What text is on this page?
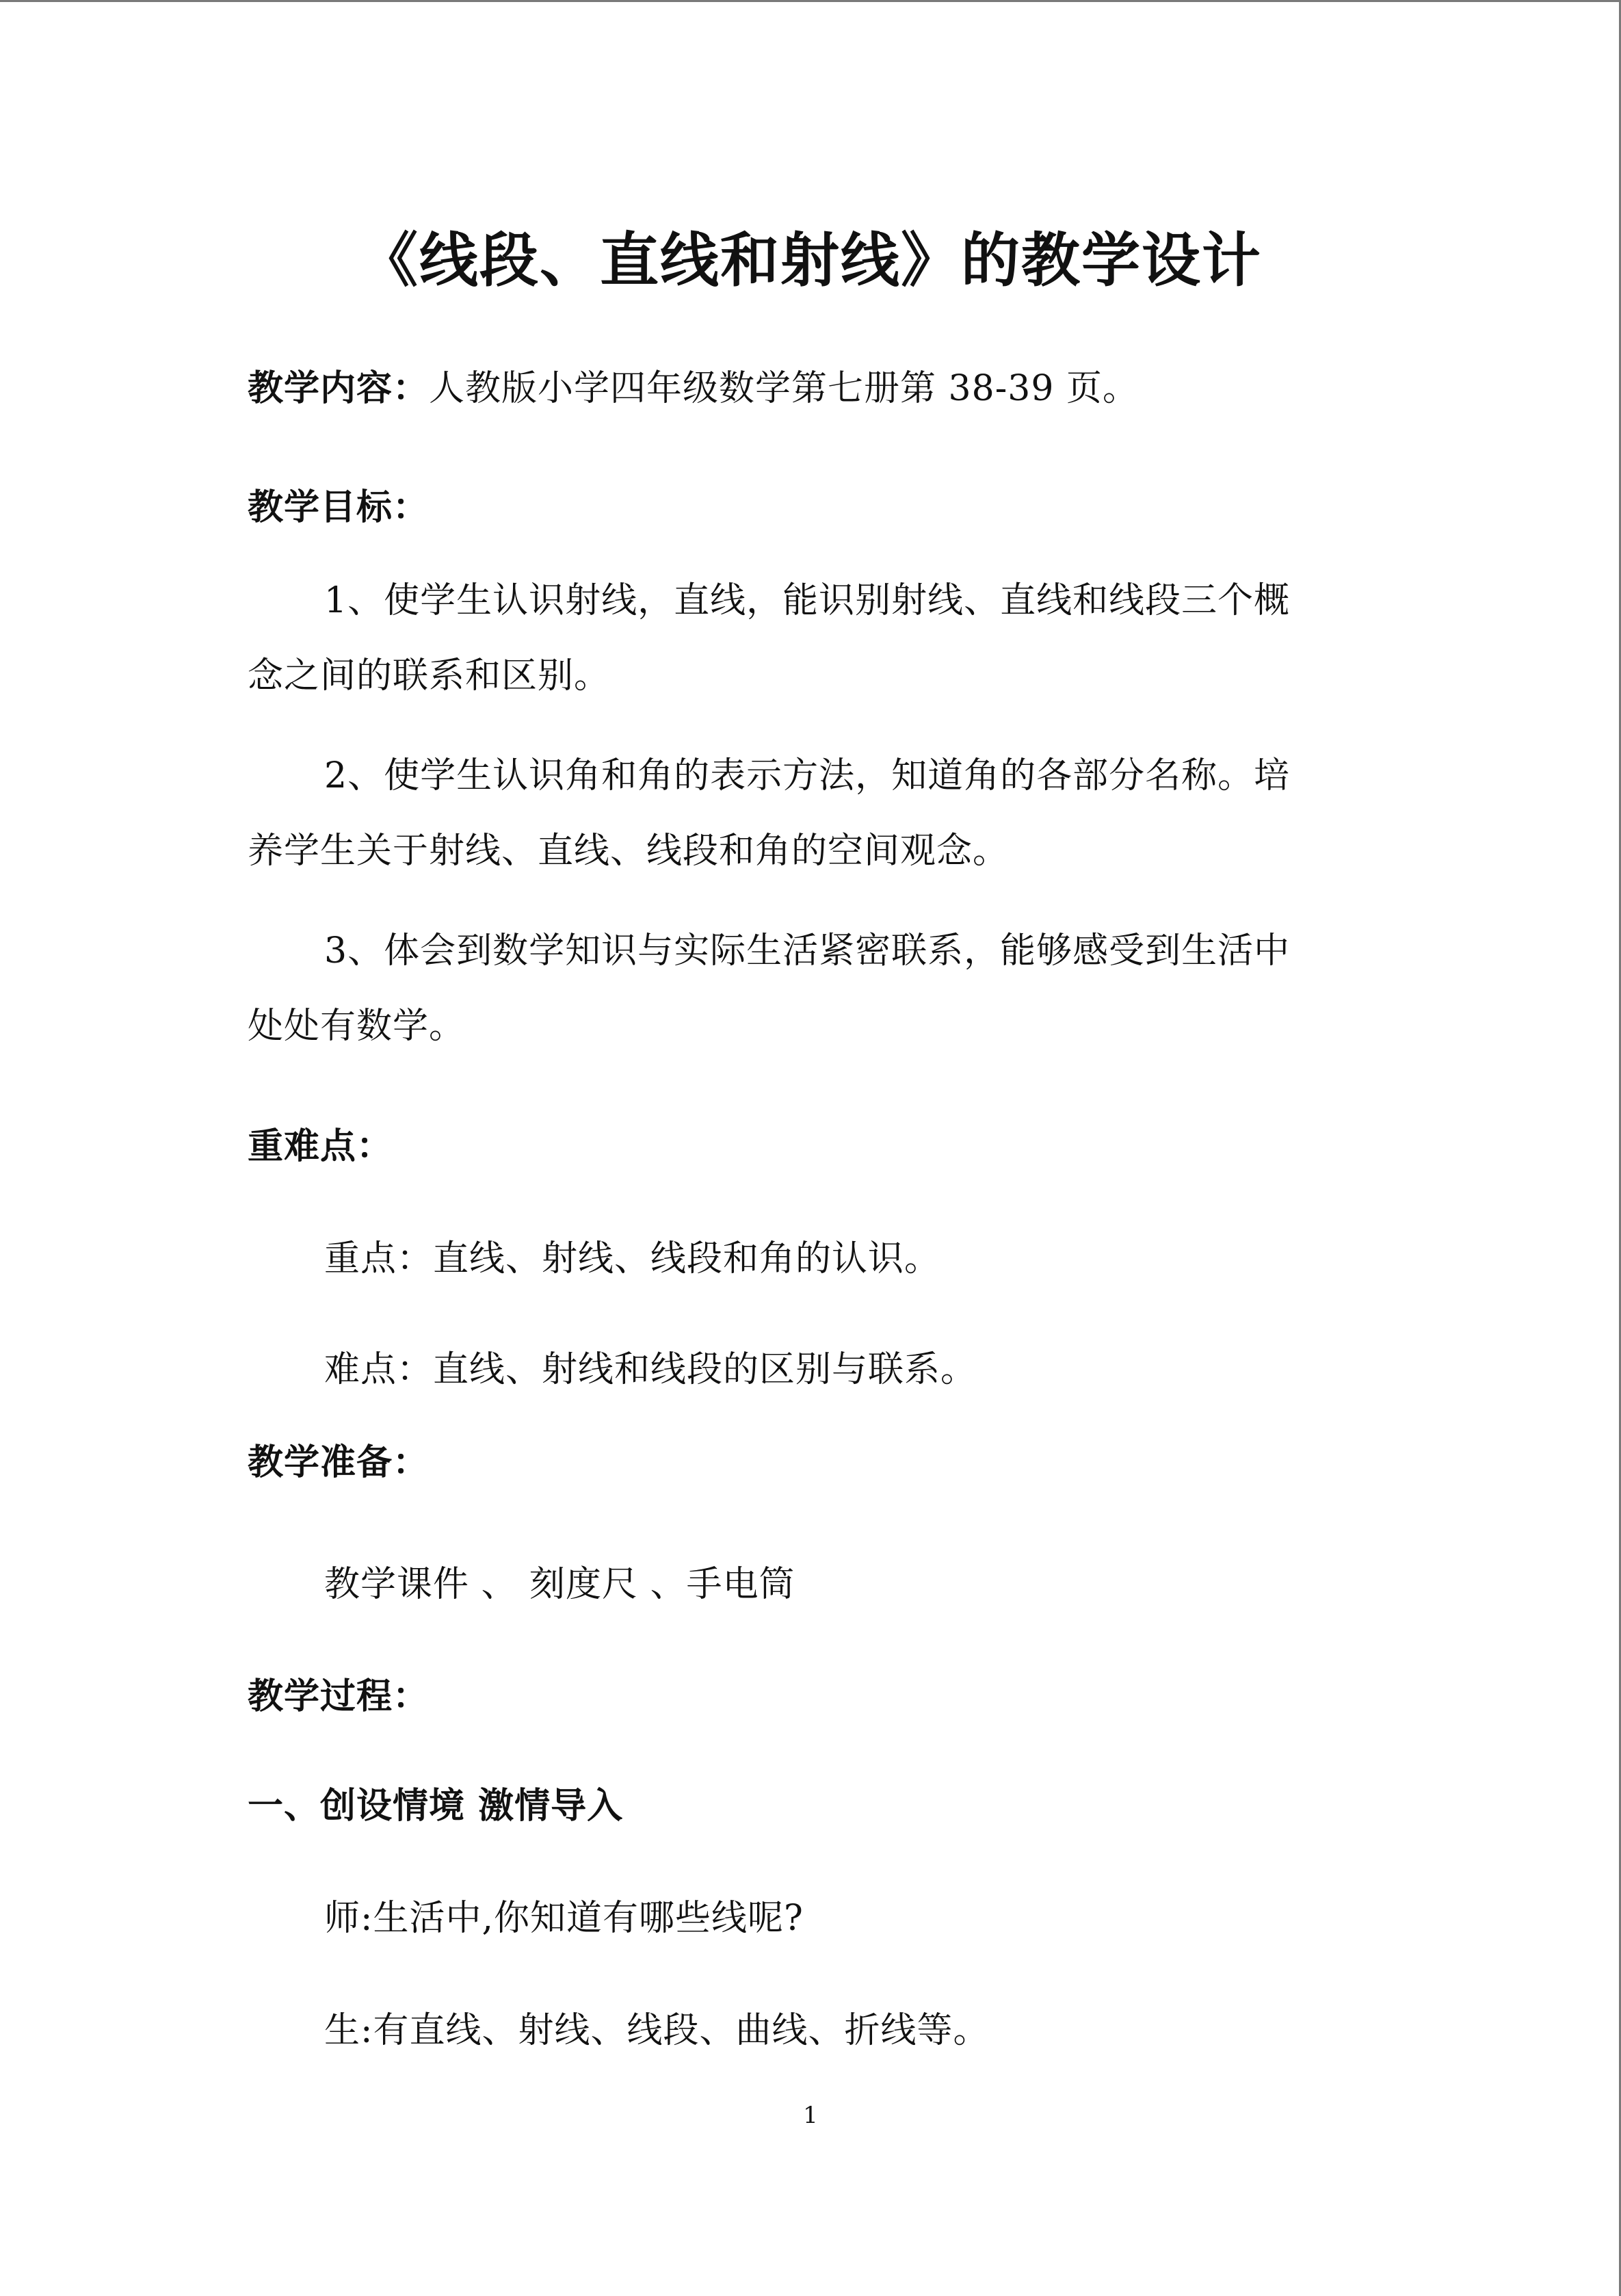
《线段、直线和射线》的教学设计
教学内容：人教版小学四年级数学第七册第 38-39 页。
教学目标：
1、使学生认识射线，直线，能识别射线、直线和线段三个概
念之间的联系和区别。
2、使学生认识角和角的表示方法，知道角的各部分名称。培
养学生关于射线、直线、线段和角的空间观念。
3、体会到数学知识与实际生活紧密联系，能够感受到生活中
处处有数学。
重难点：
重点：直线、射线、线段和角的认识。
难点：直线、射线和线段的区别与联系。
教学准备：
教学课件 、 刻度尺 、手电筒
教学过程：
一、创设情境 激情导入
师:生活中,你知道有哪些线呢?
生:有直线、射线、线段、曲线、折线等。
1
